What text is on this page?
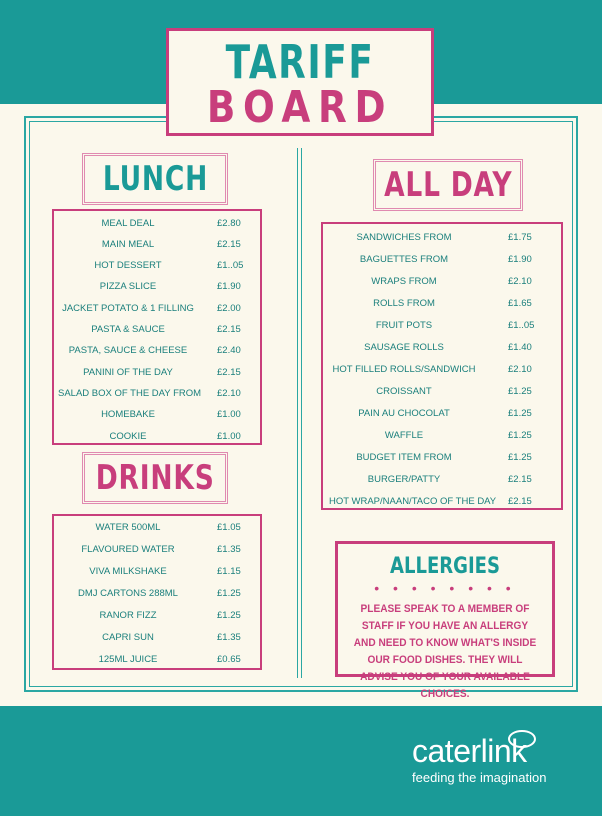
TARIFF
BOARD
LUNCH
MEAL DEAL	£2.80
MAIN MEAL	£2.15
HOT DESSERT	£1..05
PIZZA SLICE	£1.90
JACKET POTATO & 1 FILLING	£2.00
PASTA & SAUCE	£2.15
PASTA, SAUCE & CHEESE	£2.40
PANINI OF THE DAY	£2.15
SALAD BOX OF THE DAY FROM £2.10
HOMEBAKE	£1.00
COOKIE	£1.00
DRINKS
WATER 500ML	£1.05
FLAVOURED WATER	£1.35
VIVA MILKSHAKE	£1.15
DMJ CARTONS 288ML	£1.25
RANOR FIZZ	£1.25
CAPRI SUN	£1.35
125ML JUICE	£0.65
ALL DAY
SANDWICHES FROM	£1.75
BAGUETTES FROM	£1.90
WRAPS FROM	£2.10
ROLLS FROM	£1.65
FRUIT POTS	£1..05
SAUSAGE ROLLS	£1.40
HOT FILLED ROLLS/SANDWICH	£2.10
CROISSANT	£1.25
PAIN AU CHOCOLAT	£1.25
WAFFLE	£1.25
BUDGET ITEM FROM	£1.25
BURGER/PATTY	£2.15
HOT WRAP/NAAN/TACO OF THE DAY £2.15
ALLERGIES
• • • • • • • •
PLEASE SPEAK TO A MEMBER OF STAFF IF YOU HAVE AN ALLERGY AND NEED TO KNOW WHAT'S INSIDE OUR FOOD DISHES. THEY WILL ADVISE YOU OF YOUR AVAILABLE CHOICES.
caterlink
feeding the imagination
